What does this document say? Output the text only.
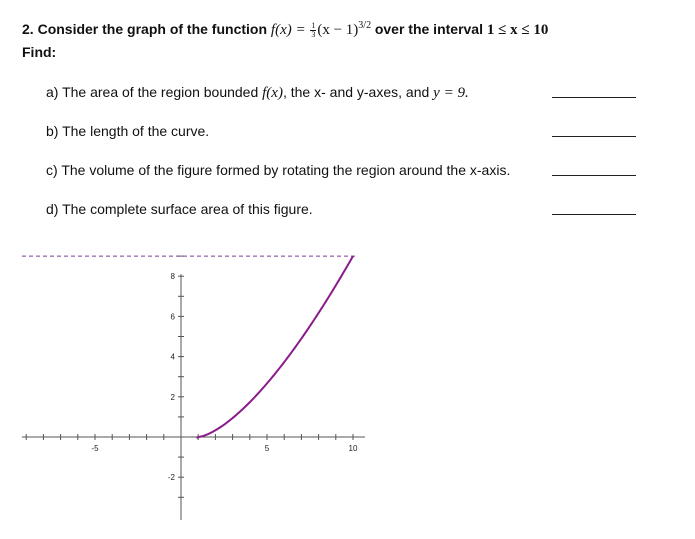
2. Consider the graph of the function $f(x) = \frac{1}{3} (x - 1)^{3/2}$ over the interval 1 ≤ x ≤ 10
Find:
a) The area of the region bounded f(x), the x- and y-axes, and y = 9.
b) The length of the curve.
c) The volume of the figure formed by rotating the region around the x-axis.
d) The complete surface area of this figure.
-5	5	10
8
6
4
2
-2
